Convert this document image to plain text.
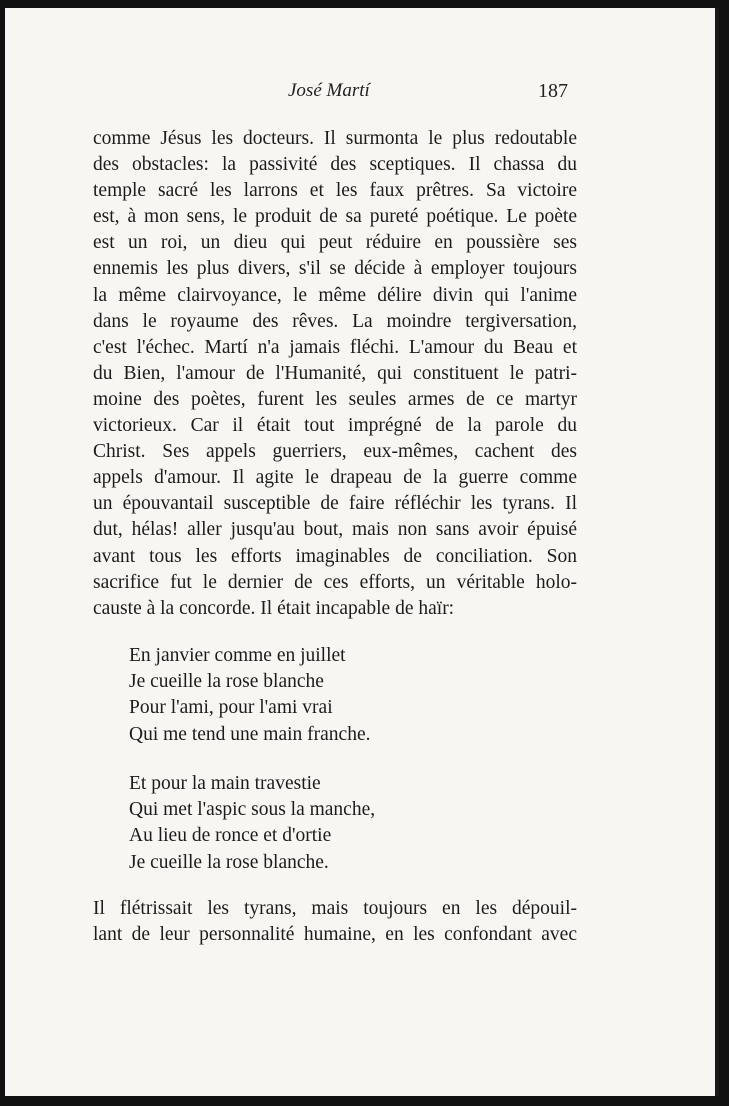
José Martí	187
comme Jésus les docteurs. Il surmonta le plus redoutable
des obstacles: la passivité des sceptiques. Il chassa du
temple sacré les larrons et les faux prêtres. Sa victoire
est, à mon sens, le produit de sa pureté poétique. Le poète
est un roi, un dieu qui peut réduire en poussière ses
ennemis les plus divers, s'il se décide à employer toujours
la même clairvoyance, le même délire divin qui l'anime
dans le royaume des rêves. La moindre tergiversation,
c'est l'échec. Martí n'a jamais fléchi. L'amour du Beau et
du Bien, l'amour de l'Humanité, qui constituent le patri-
moine des poètes, furent les seules armes de ce martyr
victorieux. Car il était tout imprégné de la parole du
Christ. Ses appels guerriers, eux-mêmes, cachent des
appels d'amour. Il agite le drapeau de la guerre comme
un épouvantail susceptible de faire réfléchir les tyrans. Il
dut, hélas! aller jusqu'au bout, mais non sans avoir épuisé
avant tous les efforts imaginables de conciliation. Son
sacrifice fut le dernier de ces efforts, un véritable holo-
causte à la concorde. Il était incapable de haïr:
En janvier comme en juillet
Je cueille la rose blanche
Pour l'ami, pour l'ami vrai
Qui me tend une main franche.
Et pour la main travestie
Qui met l'aspic sous la manche,
Au lieu de ronce et d'ortie
Je cueille la rose blanche.
Il flétrissait les tyrans, mais toujours en les dépouil-
lant de leur personnalité humaine, en les confondant avec
